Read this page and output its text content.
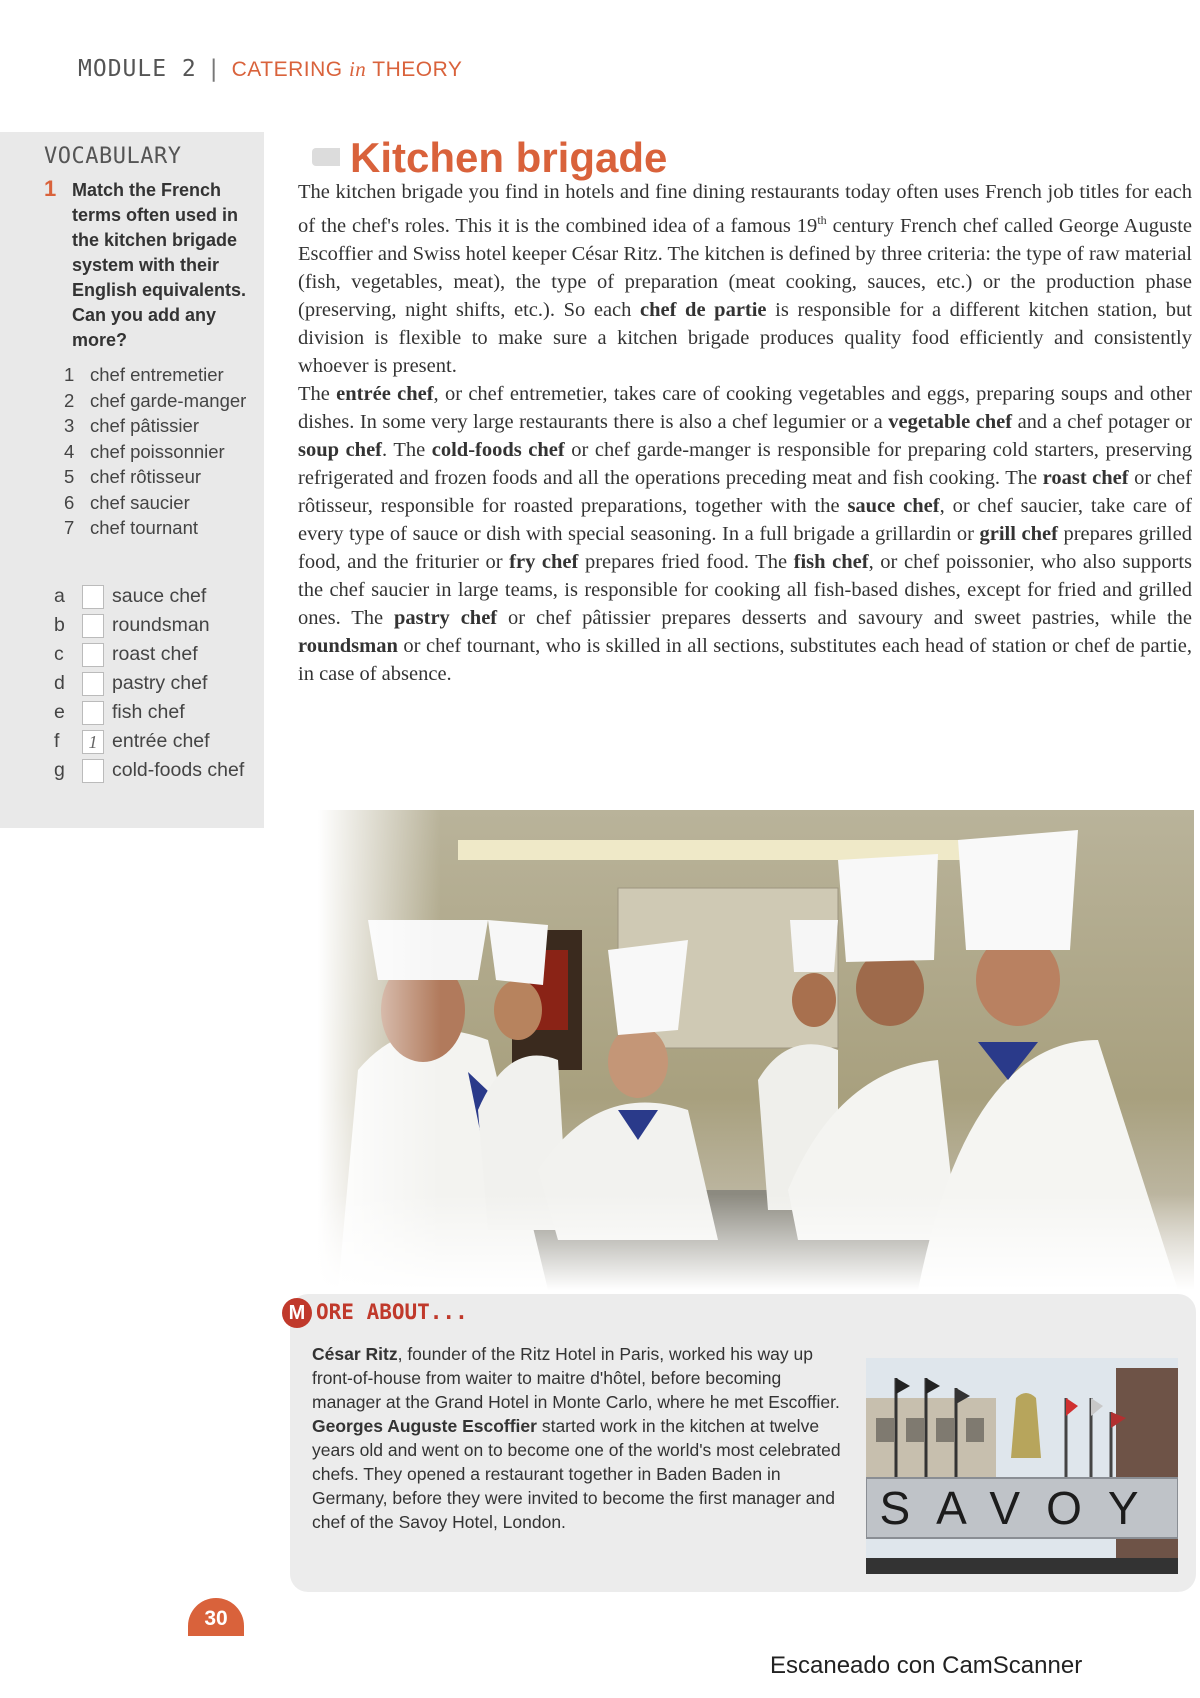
MODULE 2 | CATERING in THEORY
VOCABULARY
1 Match the French terms often used in the kitchen brigade system with their English equivalents. Can you add any more?
1 chef entremetier
2 chef garde-manger
3 chef pâtissier
4 chef poissonnier
5 chef rôtisseur
6 chef saucier
7 chef tournant
a	sauce chef
b	roundsman
c	roast chef
d	pastry chef
e	fish chef
f	1 entrée chef
g	cold-foods chef
Kitchen brigade

The kitchen brigade you find in hotels and fine dining restaurants today often uses French job titles for each of the chef's roles. This it is the combined idea of a famous 19th century French chef called George Auguste Escoffier and Swiss hotel keeper César Ritz. The kitchen is defined by three criteria: the type of raw material (fish, vegetables, meat), the type of preparation (meat cooking, sauces, etc.) or the production phase (preserving, night shifts, etc.). So each chef de partie is responsible for a different kitchen station, but division is flexible to make sure a kitchen brigade produces quality food efficiently and consistently whoever is present.

The entrée chef, or chef entremetier, takes care of cooking vegetables and eggs, preparing soups and other dishes. In some very large restaurants there is also a chef legumier or a vegetable chef and a chef potager or soup chef. The cold-foods chef or chef garde-manger is responsible for preparing cold starters, preserving refrigerated and frozen foods and all the operations preceding meat and fish cooking. The roast chef or chef rôtisseur, responsible for roasted preparations, together with the sauce chef, or chef saucier, take care of every type of sauce or dish with special seasoning. In a full brigade a grillardin or grill chef prepares grilled food, and the friturier or fry chef prepares fried food. The fish chef, or chef poissonier, who also supports the chef saucier in large teams, is responsible for cooking all fish-based dishes, except for fried and grilled ones. The pastry chef or chef pâtissier prepares desserts and savoury and sweet pastries, while the roundsman or chef tournant, who is skilled in all sections, substitutes each head of station or chef de partie, in case of absence.

M ORE ABOUT...
César Ritz, founder of the Ritz Hotel in Paris, worked his way up front-of-house from waiter to maitre d'hôtel, before becoming manager at the Grand Hotel in Monte Carlo, where he met Escoffier. Georges Auguste Escoffier started work in the kitchen at twelve years old and went on to become one of the world's most celebrated chefs. They opened a restaurant together in Baden Baden in Germany, before they were invited to become the first manager and chef of the Savoy Hotel, London.	SAVOY
30
Escaneado con CamScanner
